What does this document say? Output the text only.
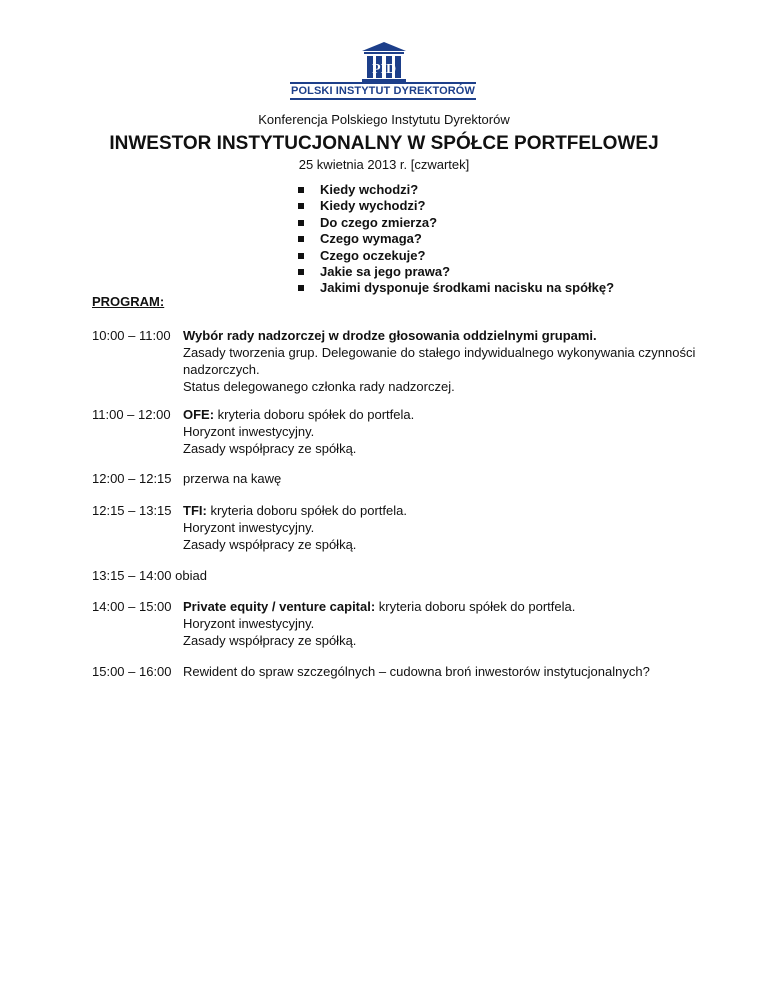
PID
POLSKI INSTYTUT DYREKTORÓW
Konferencja Polskiego Instytutu Dyrektorów
INWESTOR INSTYTUCJONALNY W SPÓŁCE PORTFELOWEJ
25 kwietnia 2013 r. [czwartek]
Kiedy wchodzi?
Kiedy wychodzi?
Do czego zmierza?
Czego wymaga?
Czego oczekuje?
Jakie sa jego prawa?
Jakimi dysponuje środkami nacisku na spółkę?
PROGRAM:
10:00 – 11:00 Wybór rady nadzorczej w drodze głosowania oddzielnymi grupami.
Zasady tworzenia grup. Delegowanie do stałego indywidualnego wykonywania czynności nadzorczych.
Status delegowanego członka rady nadzorczej.
11:00 – 12:00 OFE: kryteria doboru spółek do portfela.
Horyzont inwestycyjny.
Zasady współpracy ze spółką.
12:00 – 12:15 przerwa na kawę
12:15 – 13:15 TFI: kryteria doboru spółek do portfela.
Horyzont inwestycyjny.
Zasady współpracy ze spółką.
13:15 – 14:00 obiad
14:00 – 15:00 Private equity / venture capital: kryteria doboru spółek do portfela.
Horyzont inwestycyjny.
Zasady współpracy ze spółką.
15:00 – 16:00 Rewident do spraw szczególnych – cudowna broń inwestorów instytucjonalnych?
